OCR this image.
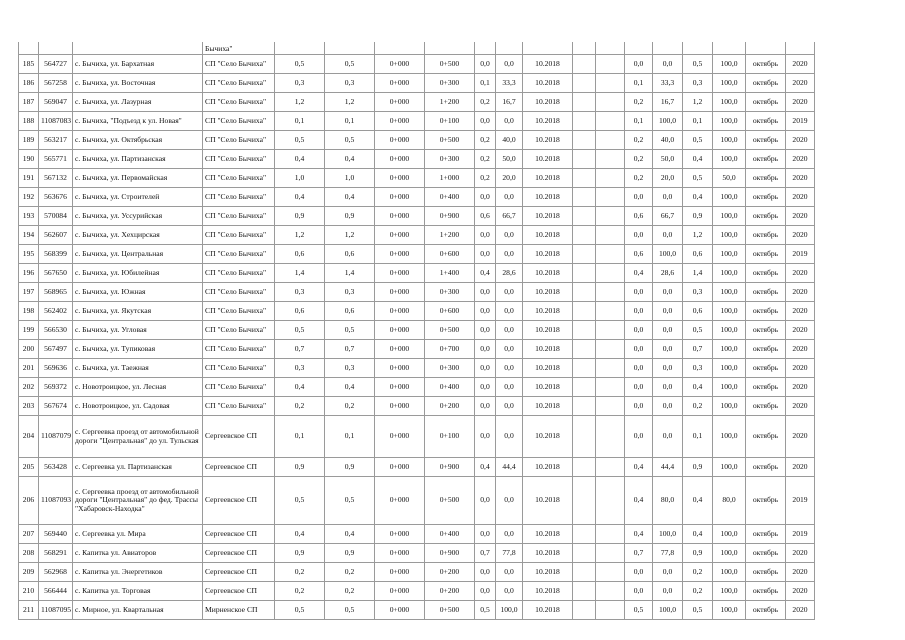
			Бычиха"															
185	564727	с. Бычиха, ул. Бархатная	СП "Село Бычиха"	0,5	0,5	0+000	0+500	0,0	0,0	10.2018			0,0	0,0	0,5	100,0	октябрь	2020
186	567258	с. Бычиха, ул. Восточная	СП "Село Бычиха"	0,3	0,3	0+000	0+300	0,1	33,3	10.2018			0,1	33,3	0,3	100,0	октябрь	2020
187	569047	с. Бычиха, ул. Лазурная	СП "Село Бычиха"	1,2	1,2	0+000	1+200	0,2	16,7	10.2018			0,2	16,7	1,2	100,0	октябрь	2020
188	11087083	с. Бычиха, "Подъезд к ул. Новая"	СП "Село Бычиха"	0,1	0,1	0+000	0+100	0,0	0,0	10.2018			0,1	100,0	0,1	100,0	октябрь	2019
189	563217	с. Бычиха, ул. Октябрьская	СП "Село Бычиха"	0,5	0,5	0+000	0+500	0,2	40,0	10.2018			0,2	40,0	0,5	100,0	октябрь	2020
190	565771	с. Бычиха, ул. Партизанская	СП "Село Бычиха"	0,4	0,4	0+000	0+300	0,2	50,0	10.2018			0,2	50,0	0,4	100,0	октябрь	2020
191	567132	с. Бычиха, ул. Первомайская	СП "Село Бычиха"	1,0	1,0	0+000	1+000	0,2	20,0	10.2018			0,2	20,0	0,5	50,0	октябрь	2020
192	563676	с. Бычиха, ул. Строителей	СП "Село Бычиха"	0,4	0,4	0+000	0+400	0,0	0,0	10.2018			0,0	0,0	0,4	100,0	октябрь	2020
193	570084	с. Бычиха, ул. Уссурийская	СП "Село Бычиха"	0,9	0,9	0+000	0+900	0,6	66,7	10.2018			0,6	66,7	0,9	100,0	октябрь	2020
194	562607	с. Бычиха, ул. Хехцирская	СП "Село Бычиха"	1,2	1,2	0+000	1+200	0,0	0,0	10.2018			0,0	0,0	1,2	100,0	октябрь	2020
195	568399	с. Бычиха, ул. Центральная	СП "Село Бычиха"	0,6	0,6	0+000	0+600	0,0	0,0	10.2018			0,6	100,0	0,6	100,0	октябрь	2019
196	567650	с. Бычиха, ул. Юбилейная	СП "Село Бычиха"	1,4	1,4	0+000	1+400	0,4	28,6	10.2018			0,4	28,6	1,4	100,0	октябрь	2020
197	568965	с. Бычиха, ул. Южная	СП "Село Бычиха"	0,3	0,3	0+000	0+300	0,0	0,0	10.2018			0,0	0,0	0,3	100,0	октябрь	2020
198	562402	с. Бычиха, ул. Якутская	СП "Село Бычиха"	0,6	0,6	0+000	0+600	0,0	0,0	10.2018			0,0	0,0	0,6	100,0	октябрь	2020
199	566530	с. Бычиха, ул. Угловая	СП "Село Бычиха"	0,5	0,5	0+000	0+500	0,0	0,0	10.2018			0,0	0,0	0,5	100,0	октябрь	2020
200	567497	с. Бычиха, ул. Тупиковая	СП "Село Бычиха"	0,7	0,7	0+000	0+700	0,0	0,0	10.2018			0,0	0,0	0,7	100,0	октябрь	2020
201	569636	с. Бычиха, ул. Таежная	СП "Село Бычиха"	0,3	0,3	0+000	0+300	0,0	0,0	10.2018			0,0	0,0	0,3	100,0	октябрь	2020
202	569372	с. Новотроицкое, ул. Лесная	СП "Село Бычиха"	0,4	0,4	0+000	0+400	0,0	0,0	10.2018			0,0	0,0	0,4	100,0	октябрь	2020
203	567674	с. Новотроицкое, ул. Садовая	СП "Село Бычиха"	0,2	0,2	0+000	0+200	0,0	0,0	10.2018			0,0	0,0	0,2	100,0	октябрь	2020
204	11087079	с. Сергеевка проезд от автомобильной дороги "Центральная" до ул. Тульская	Сергеевское СП	0,1	0,1	0+000	0+100	0,0	0,0	10.2018			0,0	0,0	0,1	100,0	октябрь	2020
205	563428	с. Сергеевка ул. Партизанская	Сергеевское СП	0,9	0,9	0+000	0+900	0,4	44,4	10.2018			0,4	44,4	0,9	100,0	октябрь	2020
206	11087093	с. Сергеевка проезд от автомобильной дороги "Центральная" до фед. Трассы "Хабаровск-Находка"	Сергеевское СП	0,5	0,5	0+000	0+500	0,0	0,0	10.2018			0,4	80,0	0,4	80,0	октябрь	2019
207	569440	с. Сергеевка ул. Мира	Сергеевское СП	0,4	0,4	0+000	0+400	0,0	0,0	10.2018			0,4	100,0	0,4	100,0	октябрь	2019
208	568291	с. Капитка ул. Авиаторов	Сергеевское СП	0,9	0,9	0+000	0+900	0,7	77,8	10.2018			0,7	77,8	0,9	100,0	октябрь	2020
209	562968	с. Капитка ул. Энергетиков	Сергеевское СП	0,2	0,2	0+000	0+200	0,0	0,0	10.2018			0,0	0,0	0,2	100,0	октябрь	2020
210	566444	с. Капитка ул. Торговая	Сергеевское СП	0,2	0,2	0+000	0+200	0,0	0,0	10.2018			0,0	0,0	0,2	100,0	октябрь	2020
211	11087095	с. Мирное, ул. Квартальная	Мирненское СП	0,5	0,5	0+000	0+500	0,5	100,0	10.2018			0,5	100,0	0,5	100,0	октябрь	2020
